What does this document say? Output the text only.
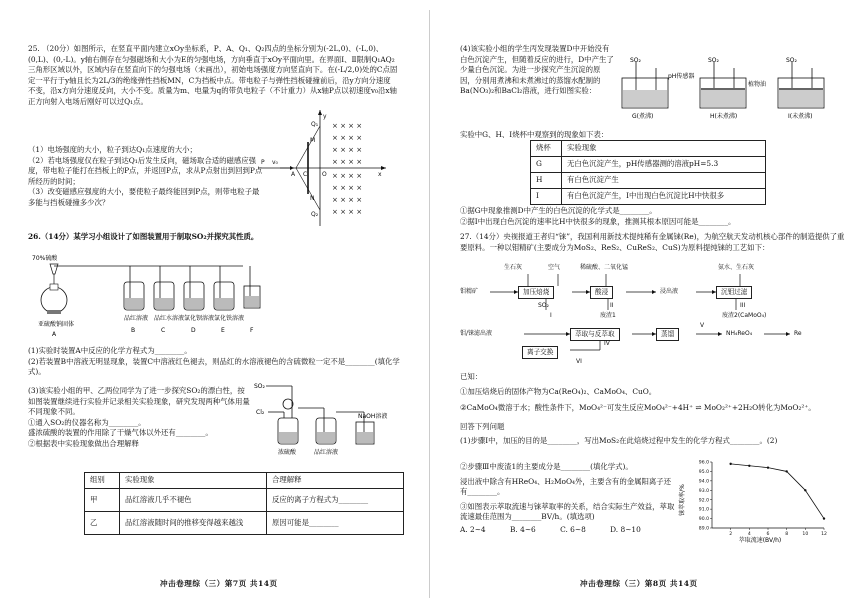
25. （20分）如图所示，在竖直平面内建立xOy坐标系，P、A、Q₁、Q₂四点的坐标分别为(-2L,0)、(-L,0)、(0,L)、(0,-L)。y轴右侧存在匀强磁场和大小为E的匀强电场，方向垂直于xOy平面向里。在界面Ⅰ、Ⅱ限制Q₁AQ₂三角形区域以外，区域内存在竖直向下的匀强电场（未画出），初始电场强度方向竖直向下。在(-L/2,0)处的C点固定一平行于y轴且长为2L/3的绝缘弹性挡板MN，C为挡板中点。带电粒子与弹性挡板碰撞前后，沿y方向分速度不变，沿x方向分速度反向，大小不变。质量为m、电量为q的带负电粒子（不计重力）从x轴P点以初速度v₀沿x轴正方向射入电场后刚好可以过Q₁点。
（1）电场强度的大小，粒子到达Q₁点速度的大小；
（2）若电场强度仅在粒子到达Q₁后发生反向，磁场取合适的磁感应强度，带电粒子能打在挡板上的P点，并返回P点，求从P点射出到回到P点所经历的时间；
（3）改变磁感应强度的大小，要使粒子最终能回到P点，则带电粒子最多能与挡板碰撞多少次？
× × × ×
× × × ×
× × × ×
× × × ×
× × × ×
× × × ×
× × × ×
× × × ×
P v₀
A C O	x
y
Q₁
Q₂
M
N
26.（14分）某学习小组设计了如图装置用于制取SO₂并探究其性质。
70%硫酸
亚硫酸钠固体
品红溶液 品红水溶液 氯化钡溶液 氯化铁溶液
A
B	C	D	E	F
(1)实验时装置A中反应的化学方程式为________。
(2)若装置B中溶液无明显现象，装置C中溶液红色褪去，则品红的水溶液褪色的含硫微粒一定不是________(填化学式)。
(3)该实验小组的甲、乙两位同学为了进一步探究SO₂的漂白性，按如图装置继续进行实验并记录相关实验现象，研究发现两种气体用量不同现象不同。
①通入SO₂的仪器名称为________。
盛浓硫酸的装置的作用除了干燥气体以外还有________。
②根据表中实验现象做出合理解释
SO₂
Cl₂
浓硫酸	品红溶液
NaOH溶液
组别	实验现象	合理解释
甲	品红溶液几乎不褪色	反应的离子方程式为________
乙	品红溶液随时间的推移变得越来越浅	原因可能是________
冲击卷理综（三）第7页 共14页
(4)该实验小组的学生丙发现装置D中开始没有白色沉淀产生，但随着反应的进行，D中产生了少量白色沉淀。为进一步探究产生沉淀的原因，分别用煮沸和未煮沸过的蒸馏水配制的Ba(NO₃)₂和BaCl₂溶液，进行如图实验：
实验中G、H、I烧杯中观察到的现象如下表：
SO₂	SO₂	SO₂
pH传感器
植物油
G(煮沸)	H(未煮沸)	I(未煮沸)
烧杯	实验现象
G	无白色沉淀产生，pH传感器测的溶液pH=5.3
H	有白色沉淀产生
I	有白色沉淀产生，I中出现白色沉淀比H中快很多
①据G中现象推测D中产生的白色沉淀的化学式是________。
②据I中出现白色沉淀的速率比H中快很多的现象，推测其根本原因可能是________。
27.（14分）央视报道王者归“铼”，我国利用新技术提纯稀有金属铼(Re)，为航空航天发动机核心部件的制造提供了重要原料。一种以钼精矿(主要成分为MoS₂、ReS₂、CuReS₂、CuS)为原料提纯铼的工艺如下：
生石灰	空气	稀硫酸、二氧化锰	氨水、生石灰
钼精矿	加压焙烧	酸浸	浸出液	沉钼过滤
SO₂
I
II
废渣1
III
废渣2(CaMoO₄)
钼/铼滤出液	萃取与反萃取	蒸馏	NH₄ReO₄	Re
IV
V
离子交换
VI
已知：
①加压焙烧后的固体产物为Ca(ReO₄)₂、CaMoO₄、CuO。
②CaMoO₄微溶于水；酸性条件下，MoO₄²⁻可发生反应MoO₄²⁻+4H⁺ ⇌ MoO₂²⁺+2H₂O转化为MoO₂²⁺。
回答下列问题
(1)步骤Ⅰ中，加压的目的是________，写出MoS₂在此焙烧过程中发生的化学方程式________。(2)
②步骤Ⅲ中废渣1的主要成分是________(填化学式)。
浸出液中除含有HReO₄、H₂MoO₄外，主要含有的金属阳离子还有________。
③如图表示萃取流速与铼萃取率的关系，结合实际生产效益，萃取流速最佳范围为________BV/h。(填选项)
A. 2~4	B. 4~6	C. 6~8	D. 8~10
96.0
95.0
94.0
93.0
92.0
91.0
90.0
89.0
2	4	6	8	10	12
萃取流速(BV/h)
铼萃取率/%
冲击卷理综（三）第8页 共14页
